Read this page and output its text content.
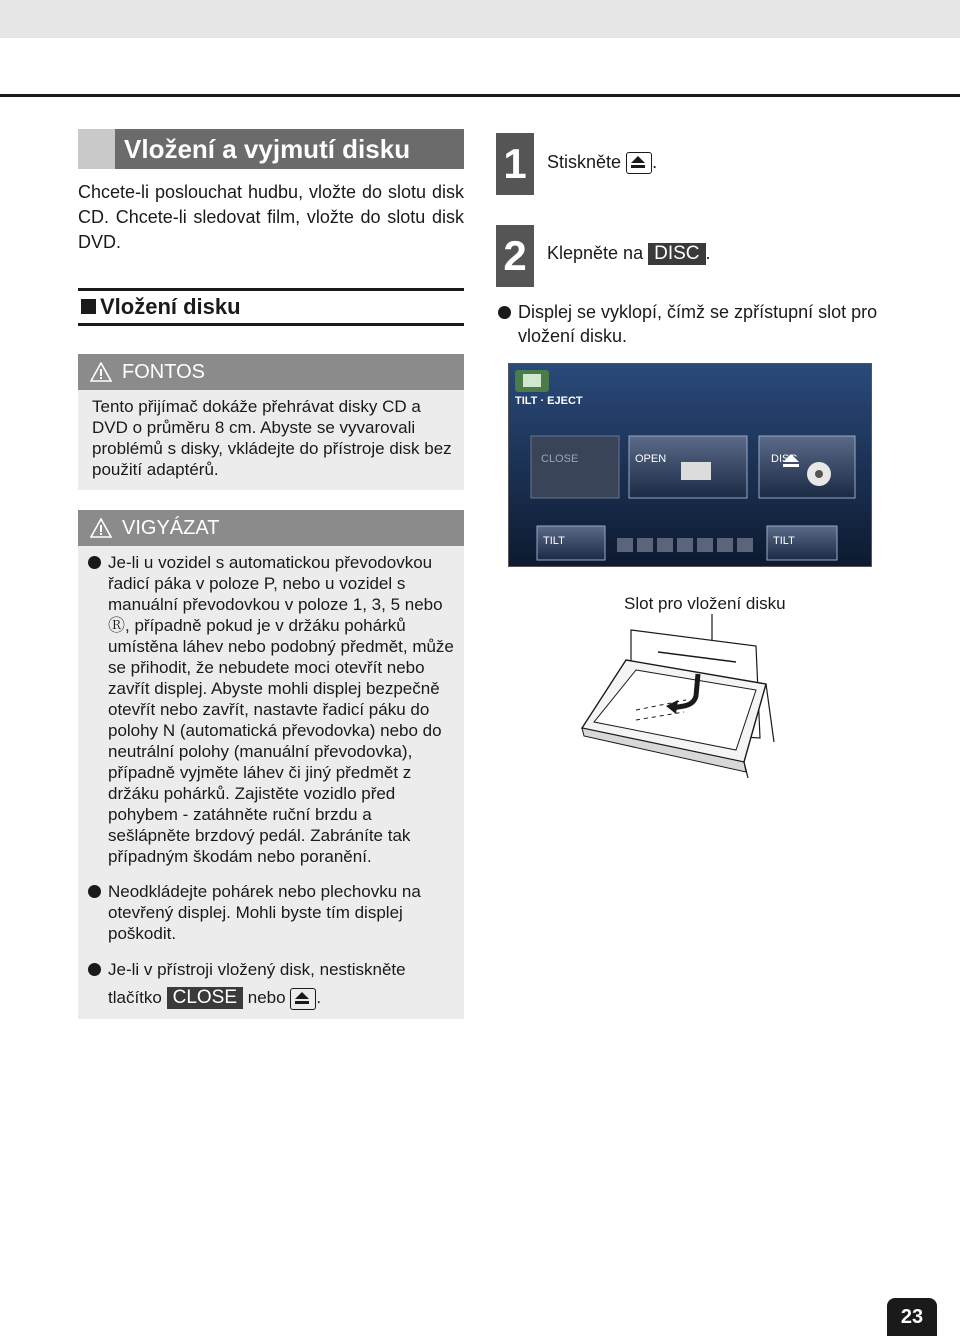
Vložení a vyjmutí disku
Chcete-li poslouchat hudbu, vložte do slotu disk CD. Chcete-li sledovat film, vložte do slotu disk DVD.
Vložení disku
FONTOS
Tento přijímač dokáže přehrávat disky CD a DVD o průměru 8 cm. Abyste se vyvarovali problémů s disky, vkládejte do přístroje disk bez použití adaptérů.
VIGYÁZAT
Je-li u vozidel s automatickou převodovkou řadicí páka v poloze P, nebo u vozidel s manuální převodovkou v poloze 1, 3, 5 nebo Ⓡ, případně pokud je v držáku pohárků umístěna láhev nebo podobný předmět, může se přihodit, že nebudete moci otevřít nebo zavřít displej. Abyste mohli displej bezpečně otevřít nebo zavřít, nastavte řadicí páku do polohy N (automatická převodovka) nebo do neutrální polohy (manuální převodovka), případně vyjměte láhev či jiný předmět z držáku pohárků. Zajistěte vozidlo před pohybem - zatáhněte ruční brzdu a sešlápněte brzdový pedál. Zabráníte tak případným škodám nebo poranění.
Neodkládejte pohárek nebo plechovku na otevřený displej. Mohli byste tím displej poškodit.
Je-li v přístroji vložený disk, nestiskněte tlačítko CLOSE nebo .
1	Stiskněte .
2	Klepněte na DISC .
Displej se vyklopí, čímž se zpřístupní slot pro vložení disku.
TILT · EJECT
CLOSE	OPEN	DISC
TILT	TILT
Slot pro vložení disku
23
